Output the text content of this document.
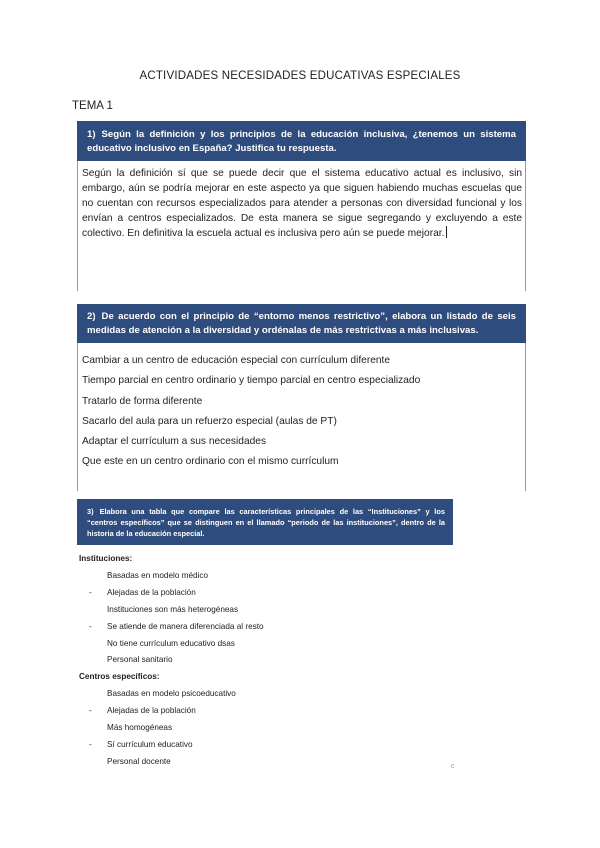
ACTIVIDADES NECESIDADES EDUCATIVAS ESPECIALES
TEMA 1
1) Según la definición y los principios de la educación inclusiva, ¿tenemos un sistema educativo inclusivo en España? Justifica tu respuesta.
Según la definición sí que se puede decir que el sistema educativo actual es inclusivo, sin embargo, aún se podría mejorar en este aspecto ya que siguen habiendo muchas escuelas que no cuentan con recursos especializados para atender a personas con diversidad funcional y los envían a centros especializados. De esta manera se sigue segregando y excluyendo a este colectivo. En definitiva la escuela actual es inclusiva pero aún se puede mejorar.
2) De acuerdo con el principio de “entorno menos restrictivo”, elabora un listado de seis medidas de atención a la diversidad y ordénalas de más restrictivas a más inclusivas.
Cambiar a un centro de educación especial con currículum diferente
Tiempo parcial en centro ordinario y tiempo parcial en centro especializado
Tratarlo de forma diferente
Sacarlo del aula para un refuerzo especial (aulas de PT)
Adaptar el currículum a sus necesidades
Que este en un centro ordinario con el mismo currículum
3) Elabora una tabla que compare las características principales de las “Instituciones” y los “centros específicos” que se distinguen en el llamado “periodo de las instituciones”, dentro de la historia de la educación especial.
Instituciones:
Basadas en modelo médico
- Alejadas de la población
Instituciones son más heterogéneas
- Se atiende de manera diferenciada al resto
No tiene currículum educativo dsas
Personal sanitario
Centros específicos:
Basadas en modelo psicoeducativo
- Alejadas de la población
Más homogéneas
- Sí currículum educativo
Personal docente
c
